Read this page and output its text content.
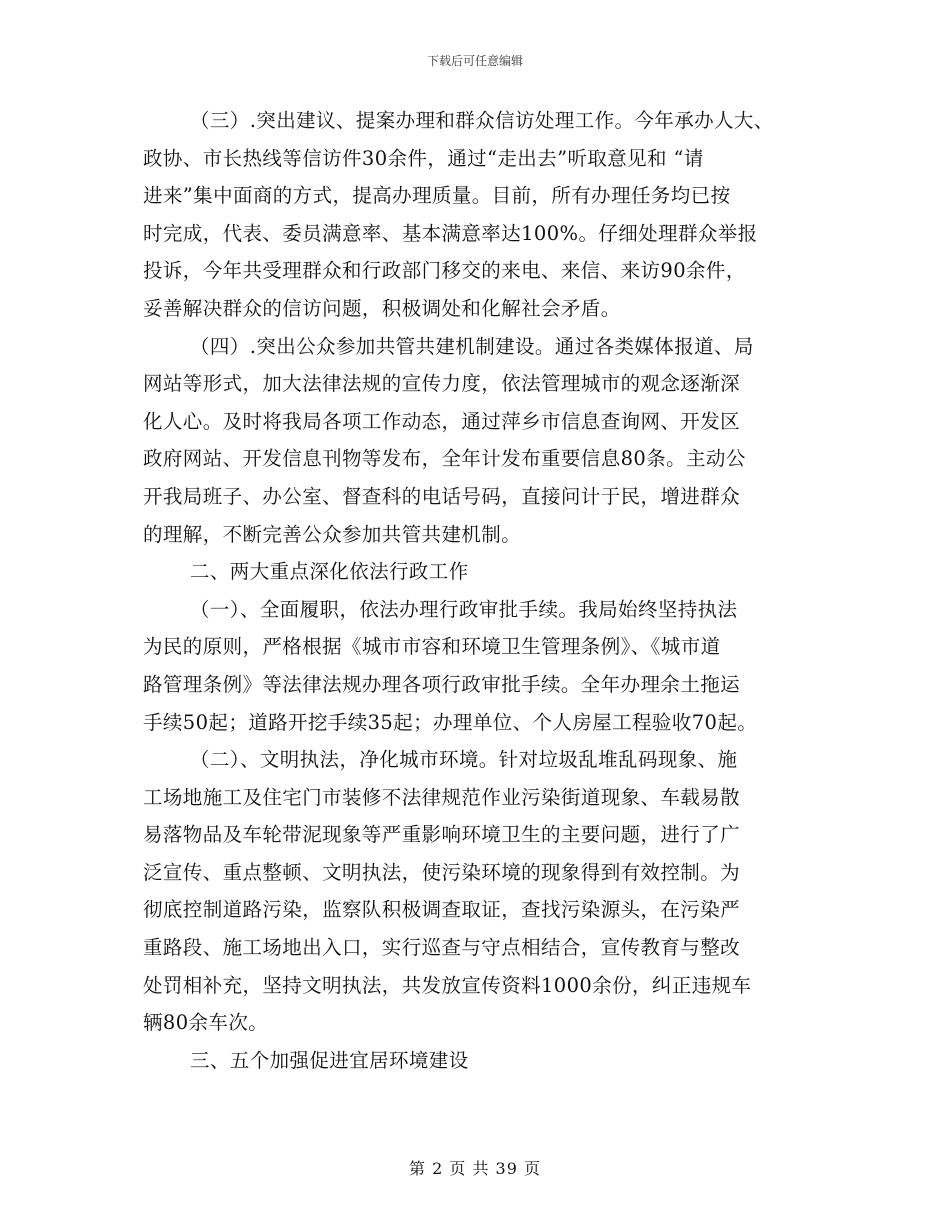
下载后可任意编辑
（三）.突出建议、提案办理和群众信访处理工作。今年承办人大、
政协、市长热线等信访件30余件，通过“走出去”听取意见和 “请
进来”集中面商的方式，提高办理质量。目前，所有办理任务均已按
时完成，代表、委员满意率、基本满意率达100%。仔细处理群众举报
投诉，今年共受理群众和行政部门移交的来电、来信、来访90余件，
妥善解决群众的信访问题，积极调处和化解社会矛盾。
（四）.突出公众参加共管共建机制建设。通过各类媒体报道、局
网站等形式，加大法律法规的宣传力度，依法管理城市的观念逐渐深
化人心。及时将我局各项工作动态，通过萍乡市信息查询网、开发区
政府网站、开发信息刊物等发布，全年计发布重要信息80条。主动公
开我局班子、办公室、督查科的电话号码，直接问计于民，增进群众
的理解，不断完善公众参加共管共建机制。
二、两大重点深化依法行政工作
（一）、全面履职，依法办理行政审批手续。我局始终坚持执法
为民的原则，严格根据《城市市容和环境卫生管理条例》、《城市道
路管理条例》等法律法规办理各项行政审批手续。全年办理余土拖运
手续50起；道路开挖手续35起；办理单位、个人房屋工程验收70起。
（二）、文明执法，净化城市环境。针对垃圾乱堆乱码现象、施
工场地施工及住宅门市装修不法律规范作业污染街道现象、车载易散
易落物品及车轮带泥现象等严重影响环境卫生的主要问题，进行了广
泛宣传、重点整顿、文明执法，使污染环境的现象得到有效控制。为
彻底控制道路污染，监察队积极调查取证，查找污染源头，在污染严
重路段、施工场地出入口，实行巡查与守点相结合，宣传教育与整改
处罚相补充，坚持文明执法，共发放宣传资料1000余份，纠正违规车
辆80余车次。
三、五个加强促进宜居环境建设
第 2 页 共 39 页
